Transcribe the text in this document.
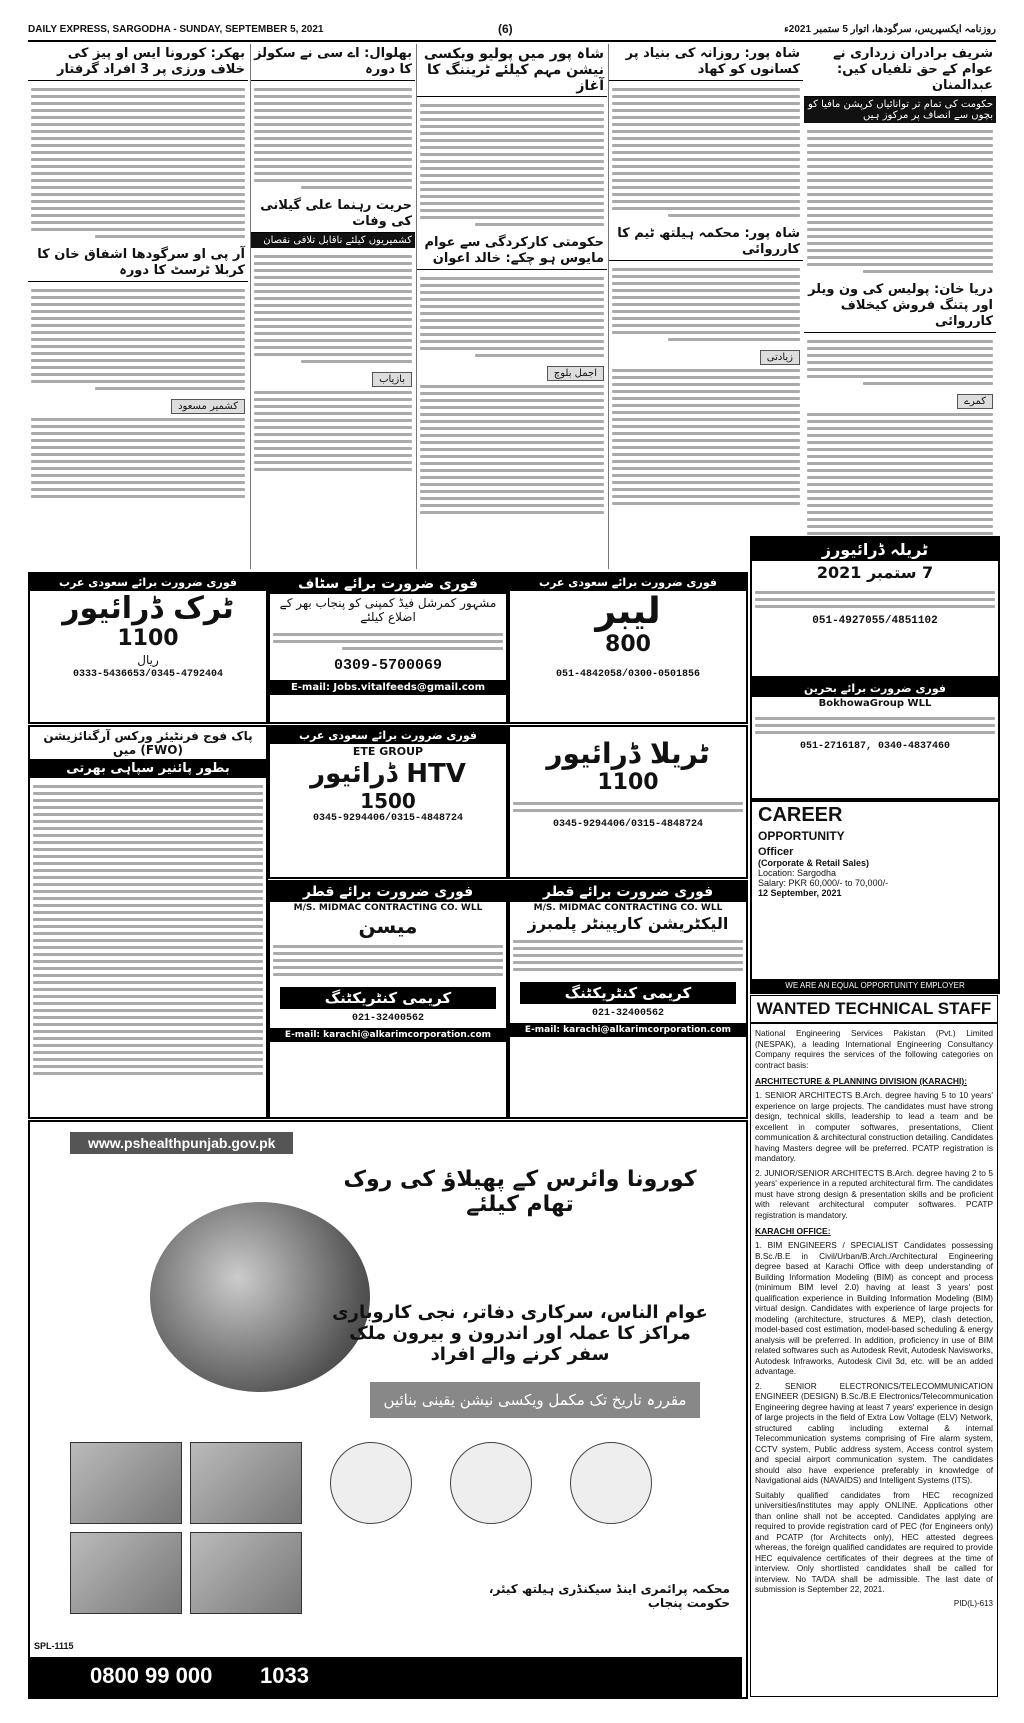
DAILY EXPRESS, SARGODHA - SUNDAY, SEPTEMBER 5, 2021	(6)	روزنامہ ایکسپریس، سرگودھا، اتوار 5 ستمبر 2021ء
شریف برادران زرداری نے عوام کے حق تلفیاں کیں: عبدالمنان
حکومت کی تمام تر توانائیاں کرپشن مافیا کو بچوں سے انصاف پر مرکوز ہیں
دریا خان: پولیس کی ون ویلر اور پتنگ فروش کیخلاف کارروائی
کمرے
شاہ پور: روزانہ کی بنیاد پر کسانوں کو کھاد
شاہ پور: محکمہ ہیلتھ ٹیم کا کارروائی
زیادتی
شاہ پور میں پولیو ویکسی نیشن مہم کیلئے ٹریننگ کا آغاز
حکومتی کارکردگی سے عوام مایوس ہو چکے: خالد اعوان
اجمل بلوچ
بھلوال: اے سی نے سکولز کا دورہ
حریت رہنما علی گیلانی کی وفات
کشمیریوں کیلئے ناقابل تلافی نقصان
بازیاب
بھکر: کورونا ایس او پیز کی خلاف ورزی پر 3 افراد گرفتار
آر پی او سرگودھا اشفاق خان کا کربلا ٹرسٹ کا دورہ
کشمیر مسعود
فوری ضرورت برائے سعودی عرب
ٹرک ڈرائیور
1100
ریال
0333-5436653/0345-4792404
فوری ضرورت برائے سٹاف
مشہور کمرشل فیڈ کمپنی کو پنجاب بھر کے اضلاع کیلئے
0309-5700069
E-mail: Jobs.vitalfeeds@gmail.com
فوری ضرورت برائے سعودی عرب
لیبر
800
051-4842058/0300-0501856
ٹریلہ ڈرائیورز
7 ستمبر 2021
051-4927055/4851102
فوری ضرورت برائے بحرین
BokhowaGroup WLL
051-2716187, 0340-4837460
پاک فوج فرنٹیئر ورکس آرگنائزیشن (FWO) میں
بطور پائنیر سپاہی بھرتی
فوری ضرورت برائے سعودی عرب
ETE GROUP
HTV ڈرائیور
1500
0345-9294406/0315-4848724
ٹریلا ڈرائیور
1100
0345-9294406/0315-4848724
فوری ضرورت برائے قطر
M/S. MIDMAC CONTRACTING CO. WLL
میسن
کریمی کنٹریکٹنگ
021-32400562
E-mail: karachi@alkarimcorporation.com
فوری ضرورت برائے قطر
M/S. MIDMAC CONTRACTING CO. WLL
الیکٹریشن کارپینٹر پلمبرز
کریمی کنٹریکٹنگ
021-32400562
E-mail: karachi@alkarimcorporation.com
CAREER
OPPORTUNITY
Officer
(Corporate & Retail Sales)
Location: Sargodha
Salary: PKR 60,000/- to 70,000/-
12 September, 2021
WE ARE AN EQUAL OPPORTUNITY EMPLOYER
WANTED TECHNICAL STAFF

National Engineering Services Pakistan (Pvt.) Limited (NESPAK), a leading International Engineering Consultancy Company requires the services of the following categories on contract basis:

ARCHITECTURE & PLANNING DIVISION (KARACHI):

1. SENIOR ARCHITECTS B.Arch. degree having 5 to 10 years' experience on large projects. The candidates must have strong design, technical skills, leadership to lead a team and be excellent in computer softwares, presentations, Client communication & architectural construction detailing. Candidates having Masters degree will be preferred. PCATP registration is mandatory.

2. JUNIOR/SENIOR ARCHITECTS B.Arch. degree having 2 to 5 years' experience in a reputed architectural firm. The candidates must have strong design & presentation skills and be proficient with relevant architectural computer softwares. PCATP registration is mandatory.

KARACHI OFFICE:

1. BIM ENGINEERS / SPECIALIST Candidates possessing B.Sc./B.E in Civil/Urban/B.Arch./Architectural Engineering degree based at Karachi Office with deep understanding of Building Information Modeling (BIM) as concept and process (minimum BIM level 2.0) having at least 3 years' post qualification experience in Building Information Modeling (BIM) virtual design. Candidates with experience of large projects for modeling (architecture, structures & MEP), clash detection, model-based cost estimation, model-based scheduling & energy analysis will be preferred. In addition, proficiency in use of BIM related softwares such as Autodesk Revit, Autodesk Navisworks, Autodesk Infraworks, Autodesk Civil 3d, etc. will be an added advantage.

2. SENIOR ELECTRONICS/TELECOMMUNICATION ENGINEER (DESIGN) B.Sc./B.E Electronics/Telecommunication Engineering degree having at least 7 years' experience in design of large projects in the field of Extra Low Voltage (ELV) Network, structured cabling including external & internal Telecommunication systems comprising of Fire alarm system, CCTV system, Public address system, Access control system and special airport communication system. The candidates should also have experience preferably in knowledge of Navigational aids (NAVAIDS) and Intelligent Systems (ITS).

Suitably qualified candidates from HEC recognized universities/institutes may apply ONLINE. Applications other than online shall not be accepted. Candidates applying are required to provide registration card of PEC (for Engineers only) and PCATP (for Architects only), HEC attested degrees whereas, the foreign qualified candidates are required to provide HEC equivalence certificates of their degrees at the time of interview. Only shortlisted candidates shall be called for interview. No TA/DA shall be admissible. The last date of submission is September 22, 2021.

PID(L)-613
www.pshealthpunjab.gov.pk
کورونا وائرس کے پھیلاؤ کی روک تھام کیلئے
عوام الناس، سرکاری دفاتر، نجی کاروباری مراکز کا عملہ اور اندرون و بیرون ملک سفر کرنے والے افراد
مقررہ تاریخ تک مکمل ویکسی نیشن یقینی بنائیں
محکمہ پرائمری اینڈ سیکنڈری ہیلتھ کیئر، حکومت پنجاب
SPL-1115
0800 99 000 1033
